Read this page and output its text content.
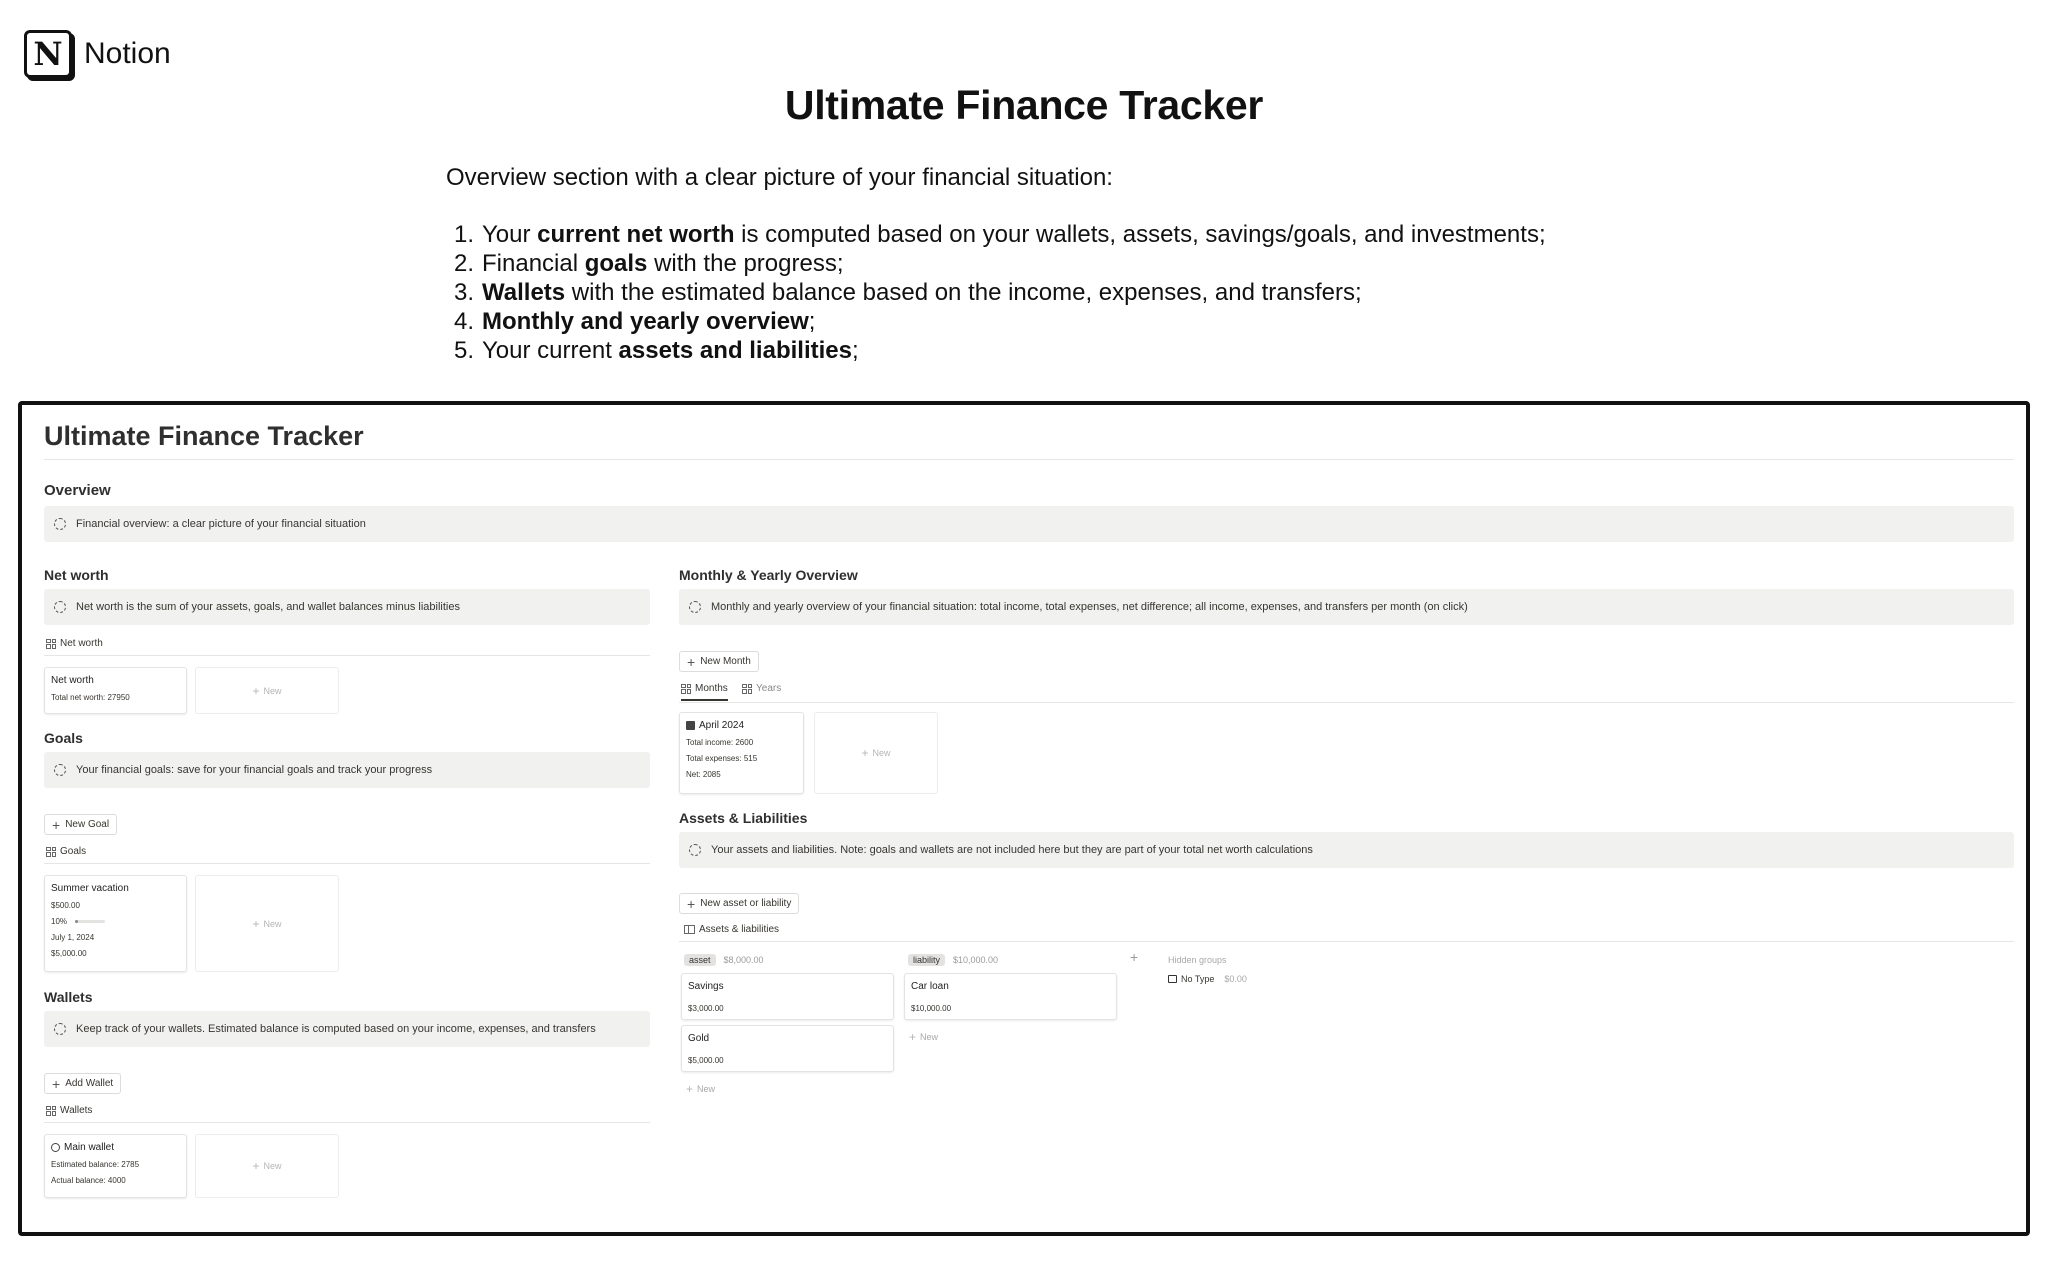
N Notion
Ultimate Finance Tracker

Overview section with a clear picture of your financial situation:

1. Your current net worth is computed based on your wallets, assets, savings/goals, and investments;
2. Financial goals with the progress;
3. Wallets with the estimated balance based on the income, expenses, and transfers;
4. Monthly and yearly overview;
5. Your current assets and liabilities;
Ultimate Finance Tracker
Overview
Financial overview: a clear picture of your financial situation
Net worth
Net worth is the sum of your assets, goals, and wallet balances minus liabilities
Net worth
Net worth
Total net worth: 27950	+ New
Goals
Your financial goals: save for your financial goals and track your progress
+ New Goal
Goals
Summer vacation
$500.00
10%
July 1, 2024
$5,000.00
+ New
Wallets
Keep track of your wallets. Estimated balance is computed based on your income, expenses, and transfers
+ Add Wallet
Wallets
Main wallet
Estimated balance: 2785
Actual balance: 4000
+ New
Monthly & Yearly Overview
Monthly and yearly overview of your financial situation: total income, total expenses, net difference; all income, expenses, and transfers per month (on click)
+ New Month
Months	Years
April 2024
Total income: 2600
Total expenses: 515
Net: 2085
+ New
Assets & Liabilities
Your assets and liabilities. Note: goals and wallets are not included here but they are part of your total net worth calculations
+ New asset or liability
Assets & liabilities
asset	$8,000.00
Savings
$3,000.00
Gold
$5,000.00
+ New
liability	$10,000.00
Car loan
$10,000.00
+ New
+	Hidden groups
No Type $0.00
